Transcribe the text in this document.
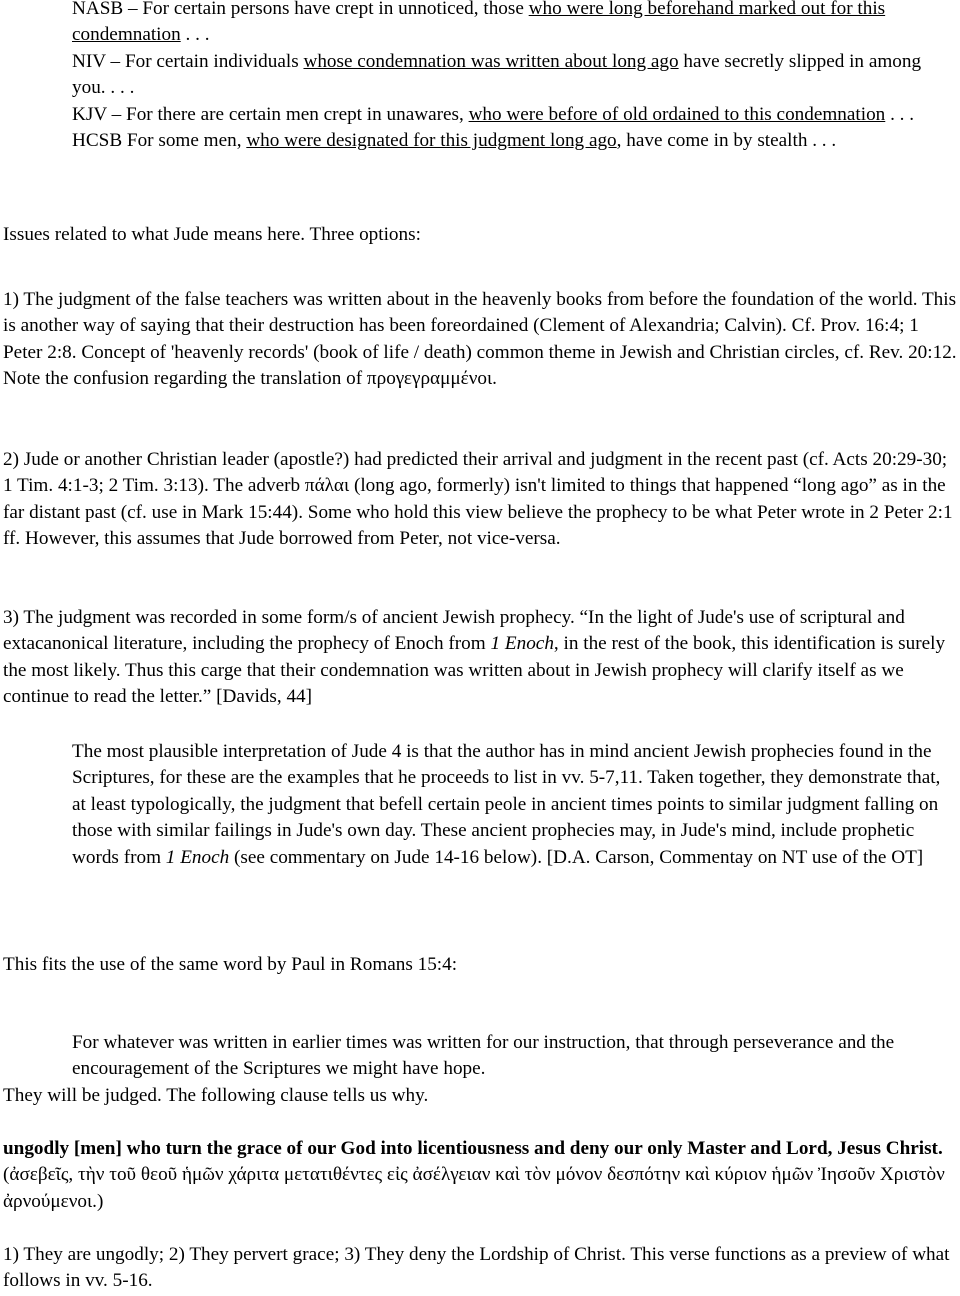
NASB – For certain persons have crept in unnoticed, those who were long beforehand marked out for this condemnation . . .
NIV – For certain individuals whose condemnation was written about long ago have secretly slipped in among you. . . .
KJV – For there are certain men crept in unawares, who were before of old ordained to this condemnation . . .
HCSB For some men, who were designated for this judgment long ago, have come in by stealth . . .

Issues related to what Jude means here. Three options:

1) The judgment of the false teachers was written about in the heavenly books from before the foundation of the world. This is another way of saying that their destruction has been foreordained (Clement of Alexandria; Calvin). Cf. Prov. 16:4; 1 Peter 2:8. Concept of 'heavenly records' (book of life / death) common theme in Jewish and Christian circles, cf. Rev. 20:12. Note the confusion regarding the translation of προγεγραμμένοι.

2) Jude or another Christian leader (apostle?) had predicted their arrival and judgment in the recent past (cf. Acts 20:29-30; 1 Tim. 4:1-3; 2 Tim. 3:13). The adverb πάλαι (long ago, formerly) isn't limited to things that happened “long ago” as in the far distant past (cf. use in Mark 15:44). Some who hold this view believe the prophecy to be what Peter wrote in 2 Peter 2:1 ff. However, this assumes that Jude borrowed from Peter, not vice-versa.

3) The judgment was recorded in some form/s of ancient Jewish prophecy. “In the light of Jude's use of scriptural and extacanonical literature, including the prophecy of Enoch from 1 Enoch, in the rest of the book, this identification is surely the most likely. Thus this carge that their condemnation was written about in Jewish prophecy will clarify itself as we continue to read the letter.” [Davids, 44]

The most plausible interpretation of Jude 4 is that the author has in mind ancient Jewish prophecies found in the Scriptures, for these are the examples that he proceeds to list in vv. 5-7,11. Taken together, they demonstrate that, at least typologically, the judgment that befell certain peole in ancient times points to similar judgment falling on those with similar failings in Jude's own day. These ancient prophecies may, in Jude's mind, include prophetic words from 1 Enoch (see commentary on Jude 14-16 below). [D.A. Carson, Commentay on NT use of the OT]

This fits the use of the same word by Paul in Romans 15:4:

For whatever was written in earlier times was written for our instruction, that through perseverance and the encouragement of the Scriptures we might have hope.

They will be judged. The following clause tells us why.

ungodly [men] who turn the grace of our God into licentiousness and deny our only Master and Lord, Jesus Christ. (ἀσεβεῖς, τὴν τοῦ θεοῦ ἡμῶν χάριτα μετατιθέντες εἰς ἀσέλγειαν καὶ τὸν μόνον δεσπότην καὶ κύριον ἡμῶν Ἰησοῦν Χριστὸν ἀρνούμενοι.)

1) They are ungodly; 2) They pervert grace; 3) They deny the Lordship of Christ. This verse functions as a preview of what follows in vv. 5-16.
